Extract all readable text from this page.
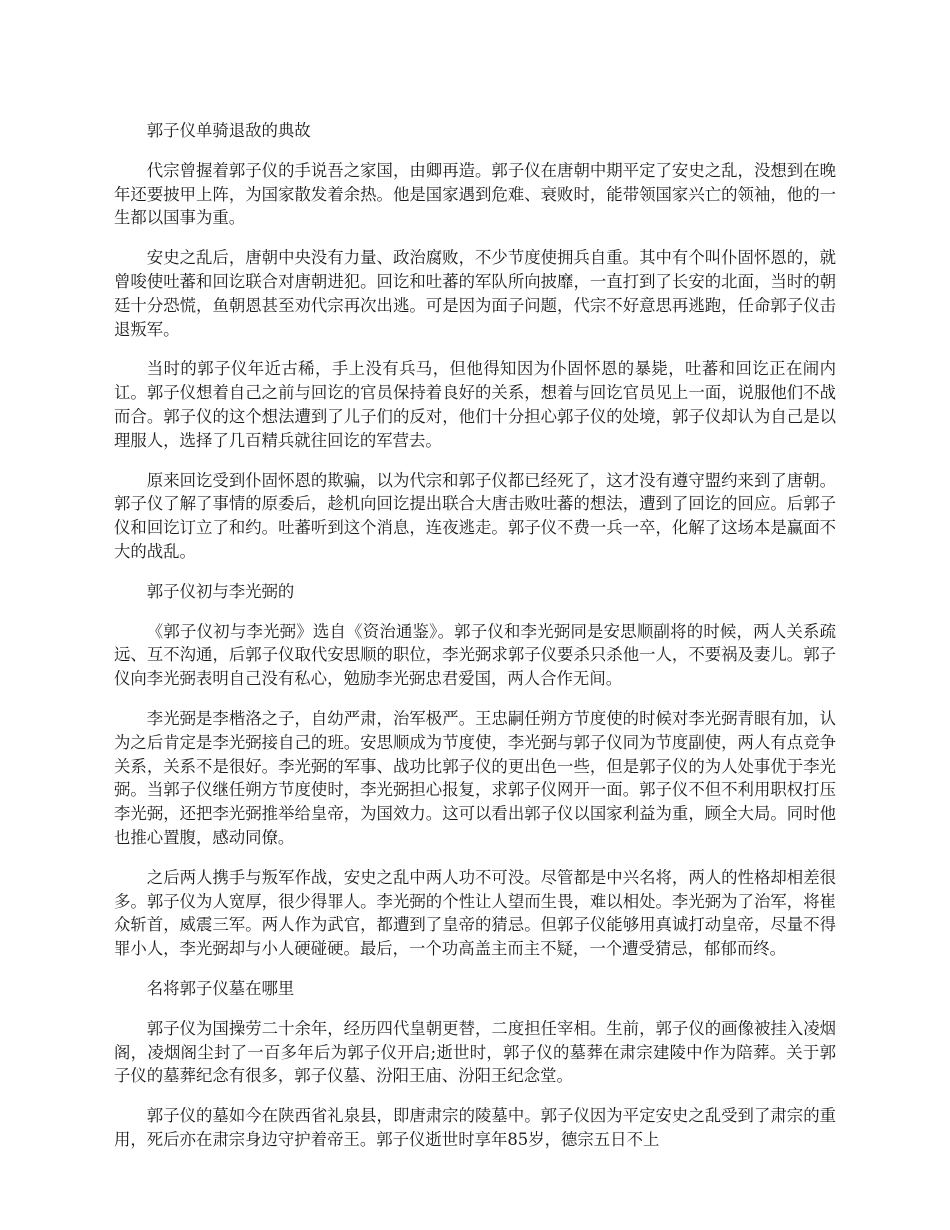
郭子仪单骑退敌的典故

代宗曾握着郭子仪的手说吾之家国，由卿再造。郭子仪在唐朝中期平定了安史之乱，没想到在晚年还要披甲上阵，为国家散发着余热。他是国家遇到危难、衰败时，能带领国家兴亡的领袖，他的一生都以国事为重。

安史之乱后，唐朝中央没有力量、政治腐败，不少节度使拥兵自重。其中有个叫仆固怀恩的，就曾唆使吐蕃和回讫联合对唐朝进犯。回讫和吐蕃的军队所向披靡，一直打到了长安的北面，当时的朝廷十分恐慌，鱼朝恩甚至劝代宗再次出逃。可是因为面子问题，代宗不好意思再逃跑，任命郭子仪击退叛军。

当时的郭子仪年近古稀，手上没有兵马，但他得知因为仆固怀恩的暴毙，吐蕃和回讫正在闹内讧。郭子仪想着自己之前与回讫的官员保持着良好的关系，想着与回讫官员见上一面，说服他们不战而合。郭子仪的这个想法遭到了儿子们的反对，他们十分担心郭子仪的处境，郭子仪却认为自己是以理服人，选择了几百精兵就往回讫的军营去。

原来回讫受到仆固怀恩的欺骗，以为代宗和郭子仪都已经死了，这才没有遵守盟约来到了唐朝。郭子仪了解了事情的原委后，趁机向回讫提出联合大唐击败吐蕃的想法，遭到了回讫的回应。后郭子仪和回讫订立了和约。吐蕃听到这个消息，连夜逃走。郭子仪不费一兵一卒，化解了这场本是赢面不大的战乱。

郭子仪初与李光弼的

《郭子仪初与李光弼》选自《资治通鉴》。郭子仪和李光弼同是安思顺副将的时候，两人关系疏远、互不沟通，后郭子仪取代安思顺的职位，李光弼求郭子仪要杀只杀他一人，不要祸及妻儿。郭子仪向李光弼表明自己没有私心，勉励李光弼忠君爱国，两人合作无间。

李光弼是李楷洛之子，自幼严肃，治军极严。王忠嗣任朔方节度使的时候对李光弼青眼有加，认为之后肯定是李光弼接自己的班。安思顺成为节度使，李光弼与郭子仪同为节度副使，两人有点竞争关系，关系不是很好。李光弼的军事、战功比郭子仪的更出色一些，但是郭子仪的为人处事优于李光弼。当郭子仪继任朔方节度使时，李光弼担心报复，求郭子仪网开一面。郭子仪不但不利用职权打压李光弼，还把李光弼推举给皇帝，为国效力。这可以看出郭子仪以国家利益为重，顾全大局。同时他也推心置腹，感动同僚。

之后两人携手与叛军作战，安史之乱中两人功不可没。尽管都是中兴名将，两人的性格却相差很多。郭子仪为人宽厚，很少得罪人。李光弼的个性让人望而生畏，难以相处。李光弼为了治军，将崔众斩首，威震三军。两人作为武官，都遭到了皇帝的猜忌。但郭子仪能够用真诚打动皇帝，尽量不得罪小人，李光弼却与小人硬碰硬。最后，一个功高盖主而主不疑，一个遭受猜忌，郁郁而终。

名将郭子仪墓在哪里

郭子仪为国操劳二十余年，经历四代皇朝更替，二度担任宰相。生前，郭子仪的画像被挂入凌烟阁，凌烟阁尘封了一百多年后为郭子仪开启;逝世时，郭子仪的墓葬在肃宗建陵中作为陪葬。关于郭子仪的墓葬纪念有很多，郭子仪墓、汾阳王庙、汾阳王纪念堂。

郭子仪的墓如今在陕西省礼泉县，即唐肃宗的陵墓中。郭子仪因为平定安史之乱受到了肃宗的重用，死后亦在肃宗身边守护着帝王。郭子仪逝世时享年85岁，德宗五日不上
